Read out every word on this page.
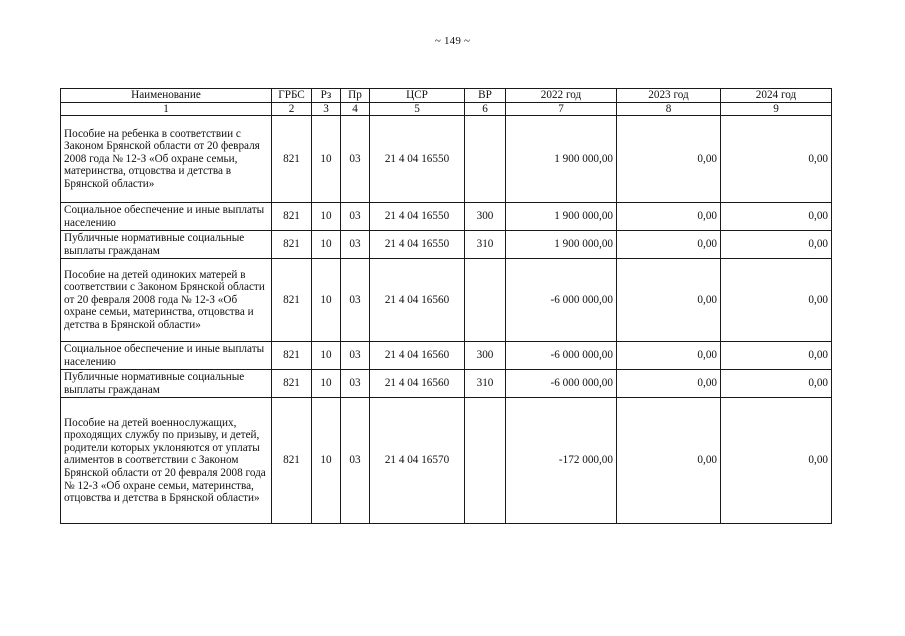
~ 149 ~
Наименование	ГРБС	Рз	Пр	ЦСР	ВР	2022 год	2023 год	2024 год
1	2	3	4	5	6	7	8	9
Пособие на ребенка в соответствии с Законом Брянской области от 20 февраля 2008 года № 12-З «Об охране семьи, материнства, отцовства и детства в Брянской области»	821	10	03	21 4 04 16550		1 900 000,00	0,00	0,00
Социальное обеспечение и иные выплаты населению	821	10	03	21 4 04 16550	300	1 900 000,00	0,00	0,00
Публичные нормативные социальные выплаты гражданам	821	10	03	21 4 04 16550	310	1 900 000,00	0,00	0,00
Пособие на детей одиноких матерей в соответствии с Законом Брянской области от 20 февраля 2008 года № 12-З «Об охране семьи, материнства, отцовства и детства в Брянской области»	821	10	03	21 4 04 16560		-6 000 000,00	0,00	0,00
Социальное обеспечение и иные выплаты населению	821	10	03	21 4 04 16560	300	-6 000 000,00	0,00	0,00
Публичные нормативные социальные выплаты гражданам	821	10	03	21 4 04 16560	310	-6 000 000,00	0,00	0,00
Пособие на детей военнослужащих, проходящих службу по призыву, и детей, родители которых уклоняются от уплаты алиментов в соответствии с Законом Брянской области от 20 февраля 2008 года № 12-З «Об охране семьи, материнства, отцовства и детства в Брянской области»	821	10	03	21 4 04 16570		-172 000,00	0,00	0,00
